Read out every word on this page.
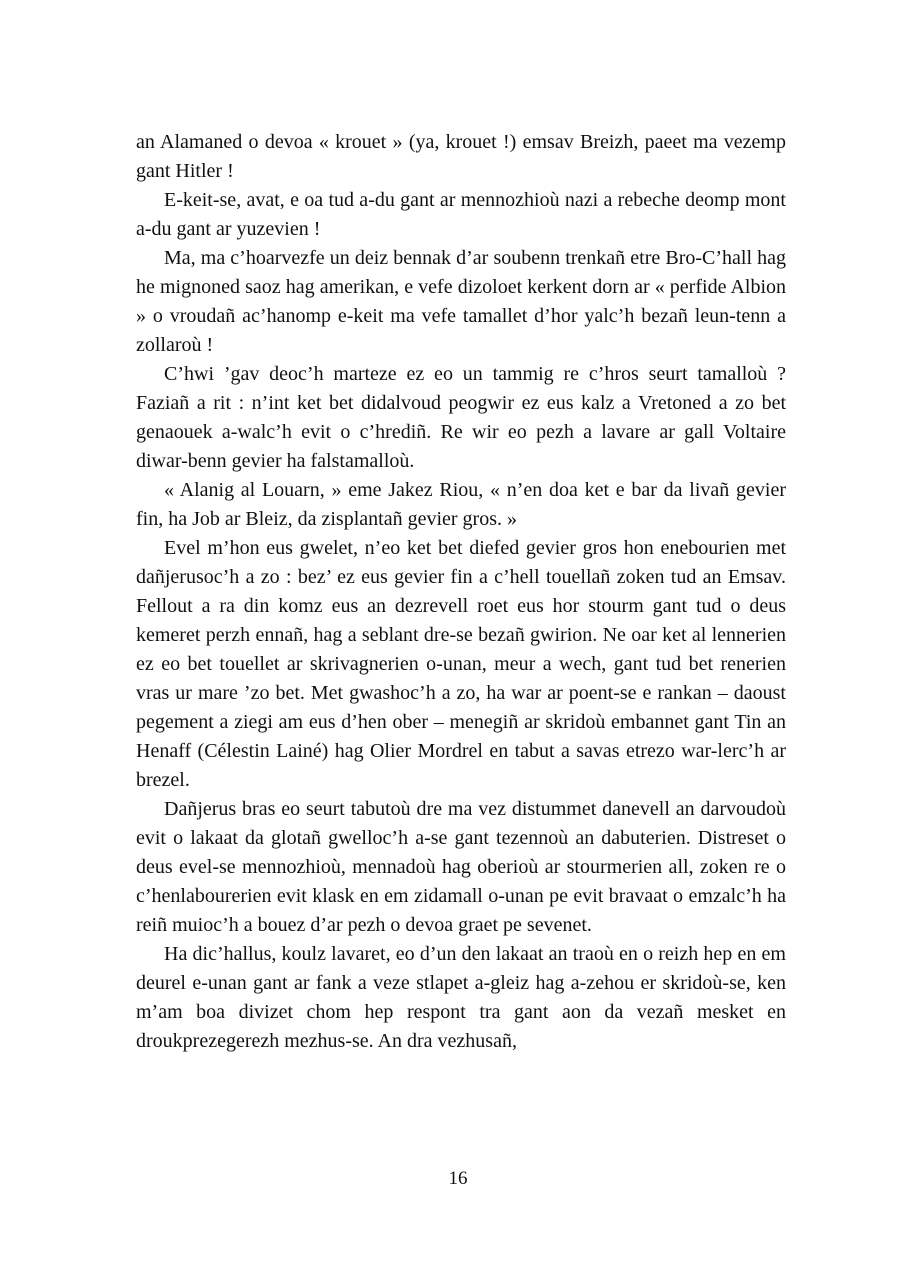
an Alamaned o devoa « krouet » (ya, krouet !) emsav Breizh, paeet ma vezemp gant Hitler !

E-keit-se, avat, e oa tud a-du gant ar mennozhioù nazi a rebeche deomp mont a-du gant ar yuzevien !

Ma, ma c’hoarvezfe un deiz bennak d’ar soubenn trenkañ etre Bro-C’hall hag he mignoned saoz hag amerikan, e vefe dizoloet kerkent dorn ar « perfide Albion » o vroudañ ac’hanomp e-keit ma vefe tamallet d’hor yalc’h bezañ leun-tenn a zollaroù !

C’hwi ’gav deoc’h marteze ez eo un tammig re c’hros seurt tamalloù ? Faziañ a rit : n’int ket bet didalvoud peogwir ez eus kalz a Vretoned a zo bet genaouek a-walc’h evit o c’hrediñ. Re wir eo pezh a lavare ar gall Voltaire diwar-benn gevier ha falstamalloù.

« Alanig al Louarn, » eme Jakez Riou, « n’en doa ket e bar da livañ gevier fin, ha Job ar Bleiz, da zisplantañ gevier gros. »

Evel m’hon eus gwelet, n’eo ket bet diefed gevier gros hon enebourien met dañjerusoc’h a zo : bez’ ez eus gevier fin a c’hell touellañ zoken tud an Emsav. Fellout a ra din komz eus an dezrevell roet eus hor stourm gant tud o deus kemeret perzh ennañ, hag a seblant dre-se bezañ gwirion. Ne oar ket al lennerien ez eo bet touellet ar skrivagnerien o-unan, meur a wech, gant tud bet renerien vras ur mare ’zo bet. Met gwashoc’h a zo, ha war ar poent-se e rankan – daoust pegement a ziegi am eus d’hen ober – menegiñ ar skridoù embannet gant Tin an Henaff (Célestin Lainé) hag Olier Mordrel en tabut a savas etrezo war-lerc’h ar brezel.

Dañjerus bras eo seurt tabutoù dre ma vez distummet danevell an darvoudoù evit o lakaat da glotañ gwelloc’h a-se gant tezennoù an dabuterien. Distreset o deus evel-se mennozhioù, mennadoù hag oberioù ar stourmerien all, zoken re o c’henlabourerien evit klask en em zidamall o-unan pe evit bravaat o emzalc’h ha reiñ muioc’h a bouez d’ar pezh o devoa graet pe sevenet.

Ha dic’hallus, koulz lavaret, eo d’un den lakaat an traoù en o reizh hep en em deurel e-unan gant ar fank a veze stlapet a-gleiz hag a-zehou er skridoù-se, ken m’am boa divizet chom hep respont tra gant aon da vezañ mesket en droukprezegerezh mezhus-se. An dra vezhusañ,

16
